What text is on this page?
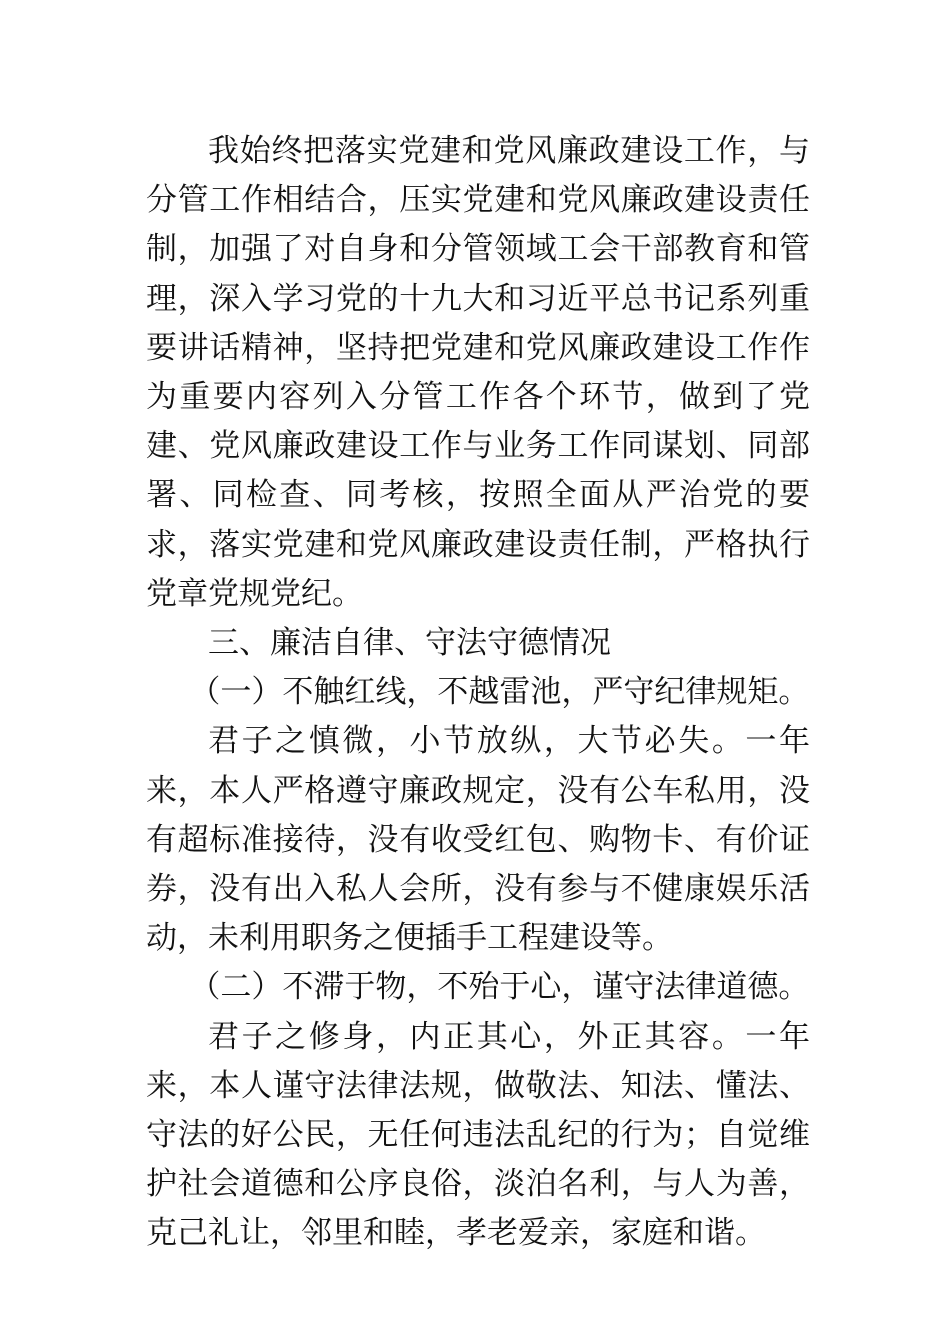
我始终把落实党建和党风廉政建设工作，与分管工作相结合，压实党建和党风廉政建设责任制，加强了对自身和分管领域工会干部教育和管理，深入学习党的十九大和习近平总书记系列重要讲话精神，坚持把党建和党风廉政建设工作作为重要内容列入分管工作各个环节，做到了党建、党风廉政建设工作与业务工作同谋划、同部署、同检查、同考核，按照全面从严治党的要求，落实党建和党风廉政建设责任制，严格执行党章党规党纪。

三、廉洁自律、守法守德情况

（一）不触红线，不越雷池，严守纪律规矩。

君子之慎微，小节放纵，大节必失。一年来，本人严格遵守廉政规定，没有公车私用，没有超标准接待，没有收受红包、购物卡、有价证券，没有出入私人会所，没有参与不健康娱乐活动，未利用职务之便插手工程建设等。

（二）不滞于物，不殆于心，谨守法律道德。

君子之修身，内正其心，外正其容。一年来，本人谨守法律法规，做敬法、知法、懂法、守法的好公民，无任何违法乱纪的行为；自觉维护社会道德和公序良俗，淡泊名利，与人为善，克己礼让，邻里和睦，孝老爱亲，家庭和谐。
